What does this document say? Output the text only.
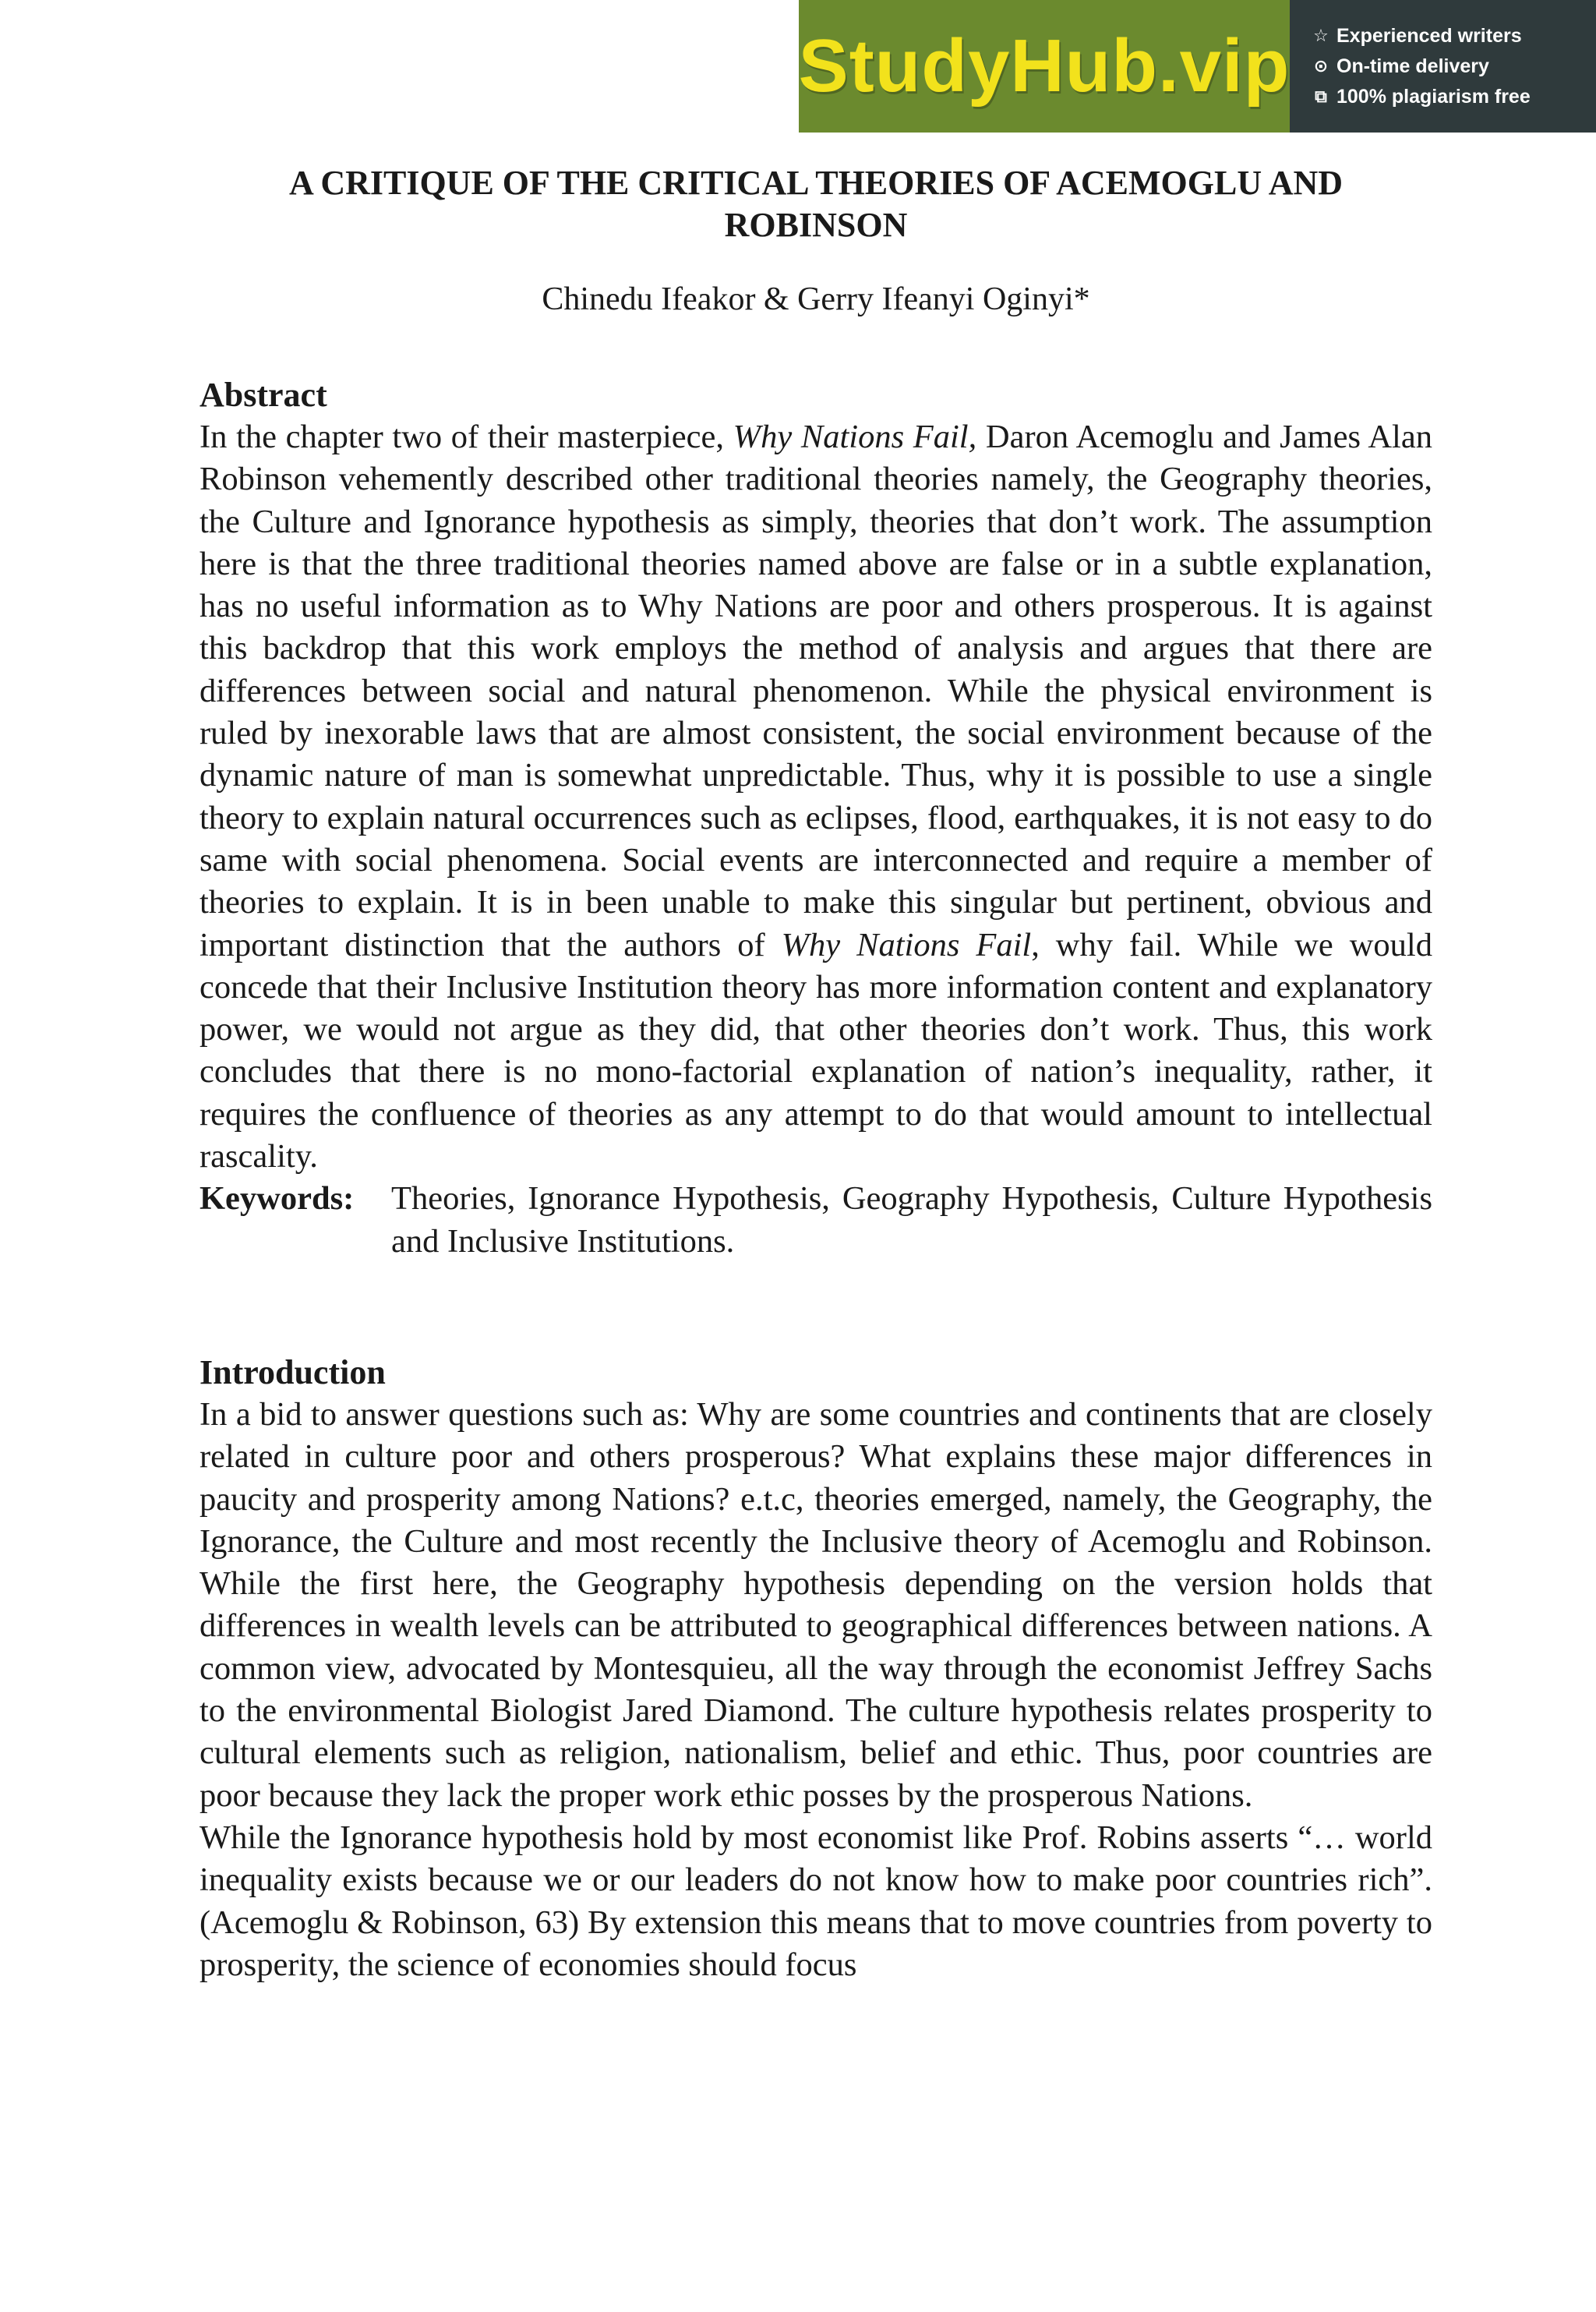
StudyHub.vip ☆ Experienced writers
⊙ On-time delivery
⧉ 100% plagiarism free
A CRITIQUE OF THE CRITICAL THEORIES OF ACEMOGLU AND ROBINSON
Chinedu Ifeakor & Gerry Ifeanyi Oginyi*
Abstract

In the chapter two of their masterpiece, Why Nations Fail, Daron Acemoglu and James Alan Robinson vehemently described other traditional theories namely, the Geography theories, the Culture and Ignorance hypothesis as simply, theories that don’t work. The assumption here is that the three traditional theories named above are false or in a subtle explanation, has no useful information as to Why Nations are poor and others prosperous. It is against this backdrop that this work employs the method of analysis and argues that there are differences between social and natural phenomenon. While the physical environment is ruled by inexorable laws that are almost consistent, the social environment because of the dynamic nature of man is somewhat unpredictable. Thus, why it is possible to use a single theory to explain natural occurrences such as eclipses, flood, earthquakes, it is not easy to do same with social phenomena. Social events are interconnected and require a member of theories to explain. It is in been unable to make this singular but pertinent, obvious and important distinction that the authors of Why Nations Fail, why fail. While we would concede that their Inclusive Institution theory has more information content and explanatory power, we would not argue as they did, that other theories don’t work. Thus, this work concludes that there is no mono-factorial explanation of nation’s inequality, rather, it requires the confluence of theories as any attempt to do that would amount to intellectual rascality.

Keywords:	Theories, Ignorance Hypothesis, Geography Hypothesis, Culture Hypothesis and Inclusive Institutions.
Introduction

In a bid to answer questions such as: Why are some countries and continents that are closely related in culture poor and others prosperous? What explains these major differences in paucity and prosperity among Nations? e.t.c, theories emerged, namely, the Geography, the Ignorance, the Culture and most recently the Inclusive theory of Acemoglu and Robinson. While the first here, the Geography hypothesis depending on the version holds that differences in wealth levels can be attributed to geographical differences between nations. A common view, advocated by Montesquieu, all the way through the economist Jeffrey Sachs to the environmental Biologist Jared Diamond. The culture hypothesis relates prosperity to cultural elements such as religion, nationalism, belief and ethic. Thus, poor countries are poor because they lack the proper work ethic posses by the prosperous Nations.

While the Ignorance hypothesis hold by most economist like Prof. Robins asserts “… world inequality exists because we or our leaders do not know how to make poor countries rich”. (Acemoglu & Robinson, 63) By extension this means that to move countries from poverty to prosperity, the science of economies should focus
